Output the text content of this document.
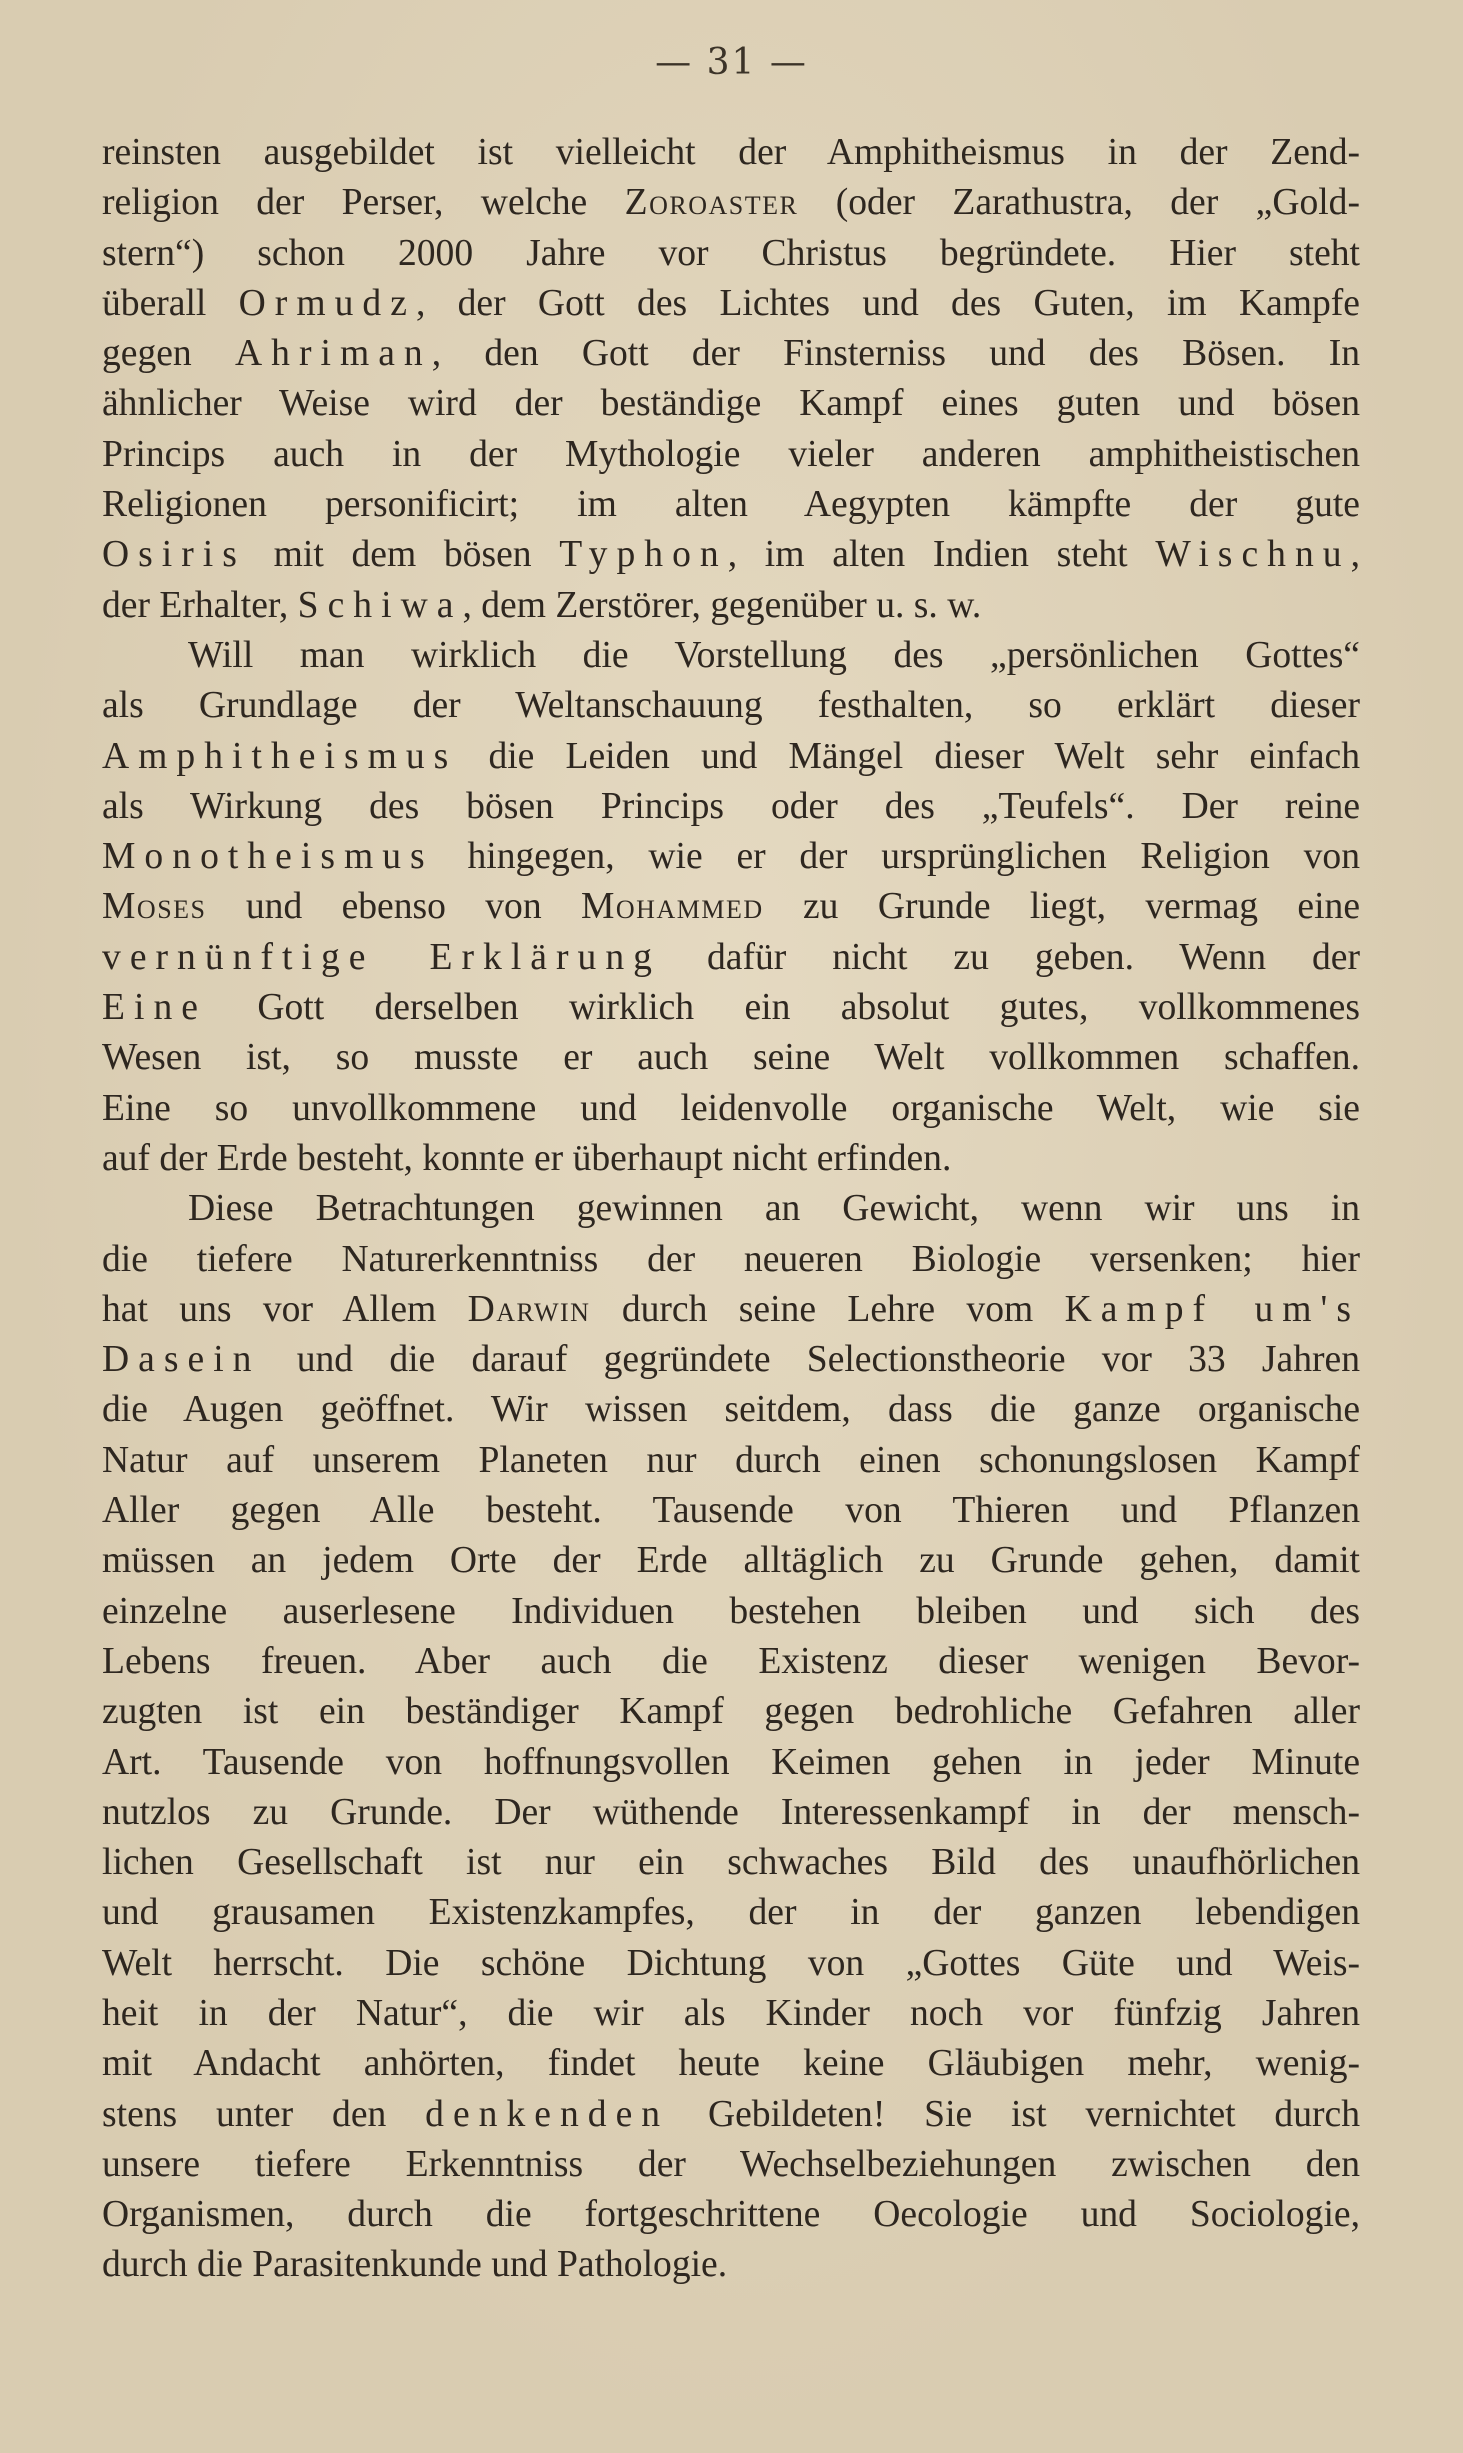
— 31 —
reinsten ausgebildet ist vielleicht der Amphitheismus in der Zend-
religion der Perser, welche Zoroaster (oder Zarathustra, der „Gold-
stern“) schon 2000 Jahre vor Christus begründete. Hier steht
überall Ormudz, der Gott des Lichtes und des Guten, im Kampfe
gegen Ahriman, den Gott der Finsterniss und des Bösen. In
ähnlicher Weise wird der beständige Kampf eines guten und bösen
Princips auch in der Mythologie vieler anderen amphitheistischen
Religionen personificirt; im alten Aegypten kämpfte der gute
Osiris mit dem bösen Typhon, im alten Indien steht Wischnu,
der Erhalter, Schiwa, dem Zerstörer, gegenüber u. s. w.
Will man wirklich die Vorstellung des „persönlichen Gottes“
als Grundlage der Weltanschauung festhalten, so erklärt dieser
Amphitheismus die Leiden und Mängel dieser Welt sehr einfach
als Wirkung des bösen Princips oder des „Teufels“. Der reine
Monotheismus hingegen, wie er der ursprünglichen Religion von
Moses und ebenso von Mohammed zu Grunde liegt, vermag eine
vernünftige Erklärung dafür nicht zu geben. Wenn der
Eine Gott derselben wirklich ein absolut gutes, vollkommenes
Wesen ist, so musste er auch seine Welt vollkommen schaffen.
Eine so unvollkommene und leidenvolle organische Welt, wie sie
auf der Erde besteht, konnte er überhaupt nicht erfinden.
Diese Betrachtungen gewinnen an Gewicht, wenn wir uns in
die tiefere Naturerkenntniss der neueren Biologie versenken; hier
hat uns vor Allem Darwin durch seine Lehre vom Kampf um's
Dasein und die darauf gegründete Selectionstheorie vor 33 Jahren
die Augen geöffnet. Wir wissen seitdem, dass die ganze organische
Natur auf unserem Planeten nur durch einen schonungslosen Kampf
Aller gegen Alle besteht. Tausende von Thieren und Pflanzen
müssen an jedem Orte der Erde alltäglich zu Grunde gehen, damit
einzelne auserlesene Individuen bestehen bleiben und sich des
Lebens freuen. Aber auch die Existenz dieser wenigen Bevor-
zugten ist ein beständiger Kampf gegen bedrohliche Gefahren aller
Art. Tausende von hoffnungsvollen Keimen gehen in jeder Minute
nutzlos zu Grunde. Der wüthende Interessenkampf in der mensch-
lichen Gesellschaft ist nur ein schwaches Bild des unaufhörlichen
und grausamen Existenzkampfes, der in der ganzen lebendigen
Welt herrscht. Die schöne Dichtung von „Gottes Güte und Weis-
heit in der Natur“, die wir als Kinder noch vor fünfzig Jahren
mit Andacht anhörten, findet heute keine Gläubigen mehr, wenig-
stens unter den denkenden Gebildeten! Sie ist vernichtet durch
unsere tiefere Erkenntniss der Wechselbeziehungen zwischen den
Organismen, durch die fortgeschrittene Oecologie und Sociologie,
durch die Parasitenkunde und Pathologie.
